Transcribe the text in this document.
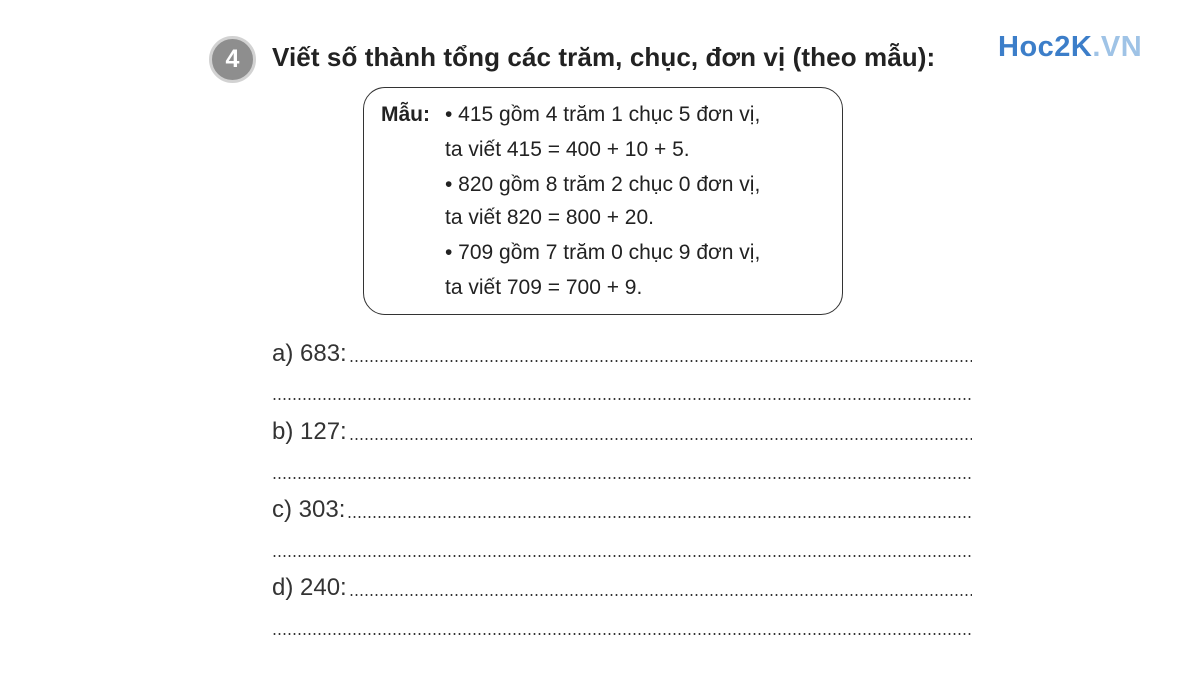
4 Viết số thành tổng các trăm, chục, đơn vị (theo mẫu): Hoc2K.VN
Mẫu: • 415 gồm 4 trăm 1 chục 5 đơn vị,
ta viết 415 = 400 + 10 + 5.
• 820 gồm 8 trăm 2 chục 0 đơn vị,
ta viết 820 = 800 + 20.
• 709 gồm 7 trăm 0 chục 9 đơn vị,
ta viết 709 = 700 + 9.
a) 683:
b) 127:
c) 303:
d) 240:
